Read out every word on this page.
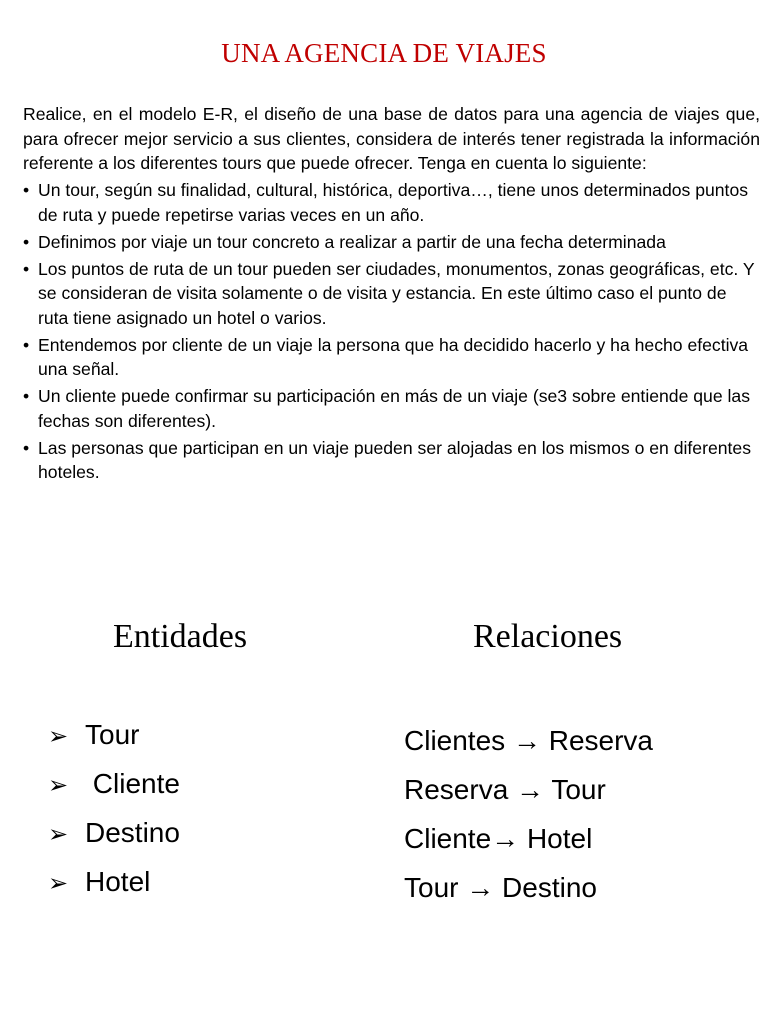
UNA AGENCIA DE VIAJES

Realice, en el modelo E-R, el diseño de una base de datos para una agencia de viajes que, para ofrecer mejor servicio a sus clientes, considera de interés tener registrada la información referente a los diferentes tours que puede ofrecer. Tenga en cuenta lo siguiente:

• Un tour, según su finalidad, cultural, histórica, deportiva…, tiene unos determinados puntos de ruta y puede repetirse varias veces en un año.
• Definimos por viaje un tour concreto a realizar a partir de una fecha determinada
• Los puntos de ruta de un tour pueden ser ciudades, monumentos, zonas geográficas, etc. Y se consideran de visita solamente o de visita y estancia. En este último caso el punto de ruta tiene asignado un hotel o varios.
• Entendemos por cliente de un viaje la persona que ha decidido hacerlo y ha hecho efectiva una señal.
• Un cliente puede confirmar su participación en más de un viaje (se3 sobre entiende que las fechas son diferentes).
• Las personas que participan en un viaje pueden ser alojadas en los mismos o en diferentes hoteles.
Entidades	Relaciones
➢ Tour
➢ Cliente
➢ Destino
➢ Hotel
Clientes → Reserva
Reserva → Tour
Cliente→ Hotel
Tour → Destino
